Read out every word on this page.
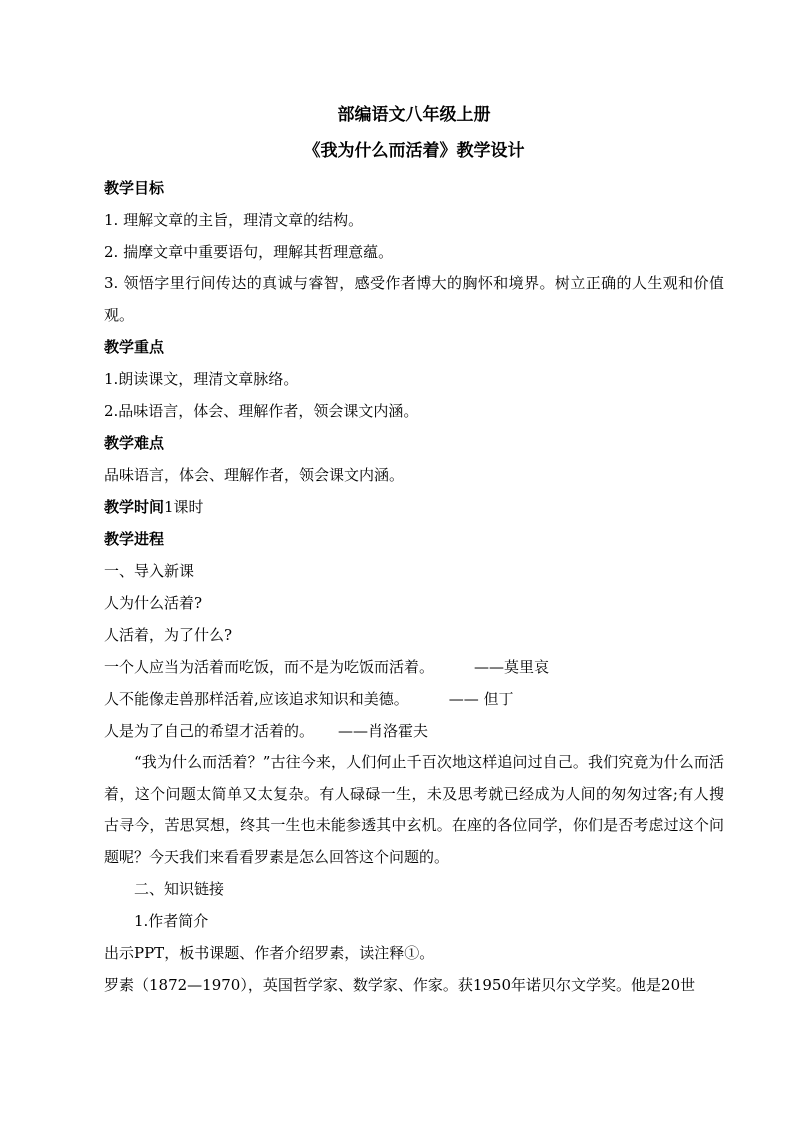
部编语文八年级上册

《我为什么而活着》教学设计

教学目标

1. 理解文章的主旨，理清文章的结构。

2. 揣摩文章中重要语句，理解其哲理意蕴。

3. 领悟字里行间传达的真诚与睿智，感受作者博大的胸怀和境界。树立正确的人生观和价值观。

教学重点

1.朗读课文，理清文章脉络。

2.品味语言，体会、理解作者，领会课文内涵。

教学难点

品味语言，体会、理解作者，领会课文内涵。

教学时间1课时

教学进程

一、导入新课

人为什么活着?

人活着，为了什么?

一个人应当为活着而吃饭，而不是为吃饭而活着。	——莫里哀

人不能像走兽那样活着,应该追求知识和美德。	—— 但丁

人是为了自己的希望才活着的。 ——肖洛霍夫

“我为什么而活着？”古往今来，人们何止千百次地这样追问过自己。我们究竟为什么而活着，这个问题太简单又太复杂。有人碌碌一生，未及思考就已经成为人间的匆匆过客;有人搜古寻今，苦思冥想，终其一生也未能参透其中玄机。在座的各位同学，你们是否考虑过这个问题呢？今天我们来看看罗素是怎么回答这个问题的。

二、知识链接

1.作者简介

出示PPT，板书课题、作者介绍罗素，读注释①。

罗素（1872—1970），英国哲学家、数学家、作家。获1950年诺贝尔文学奖。他是20世
